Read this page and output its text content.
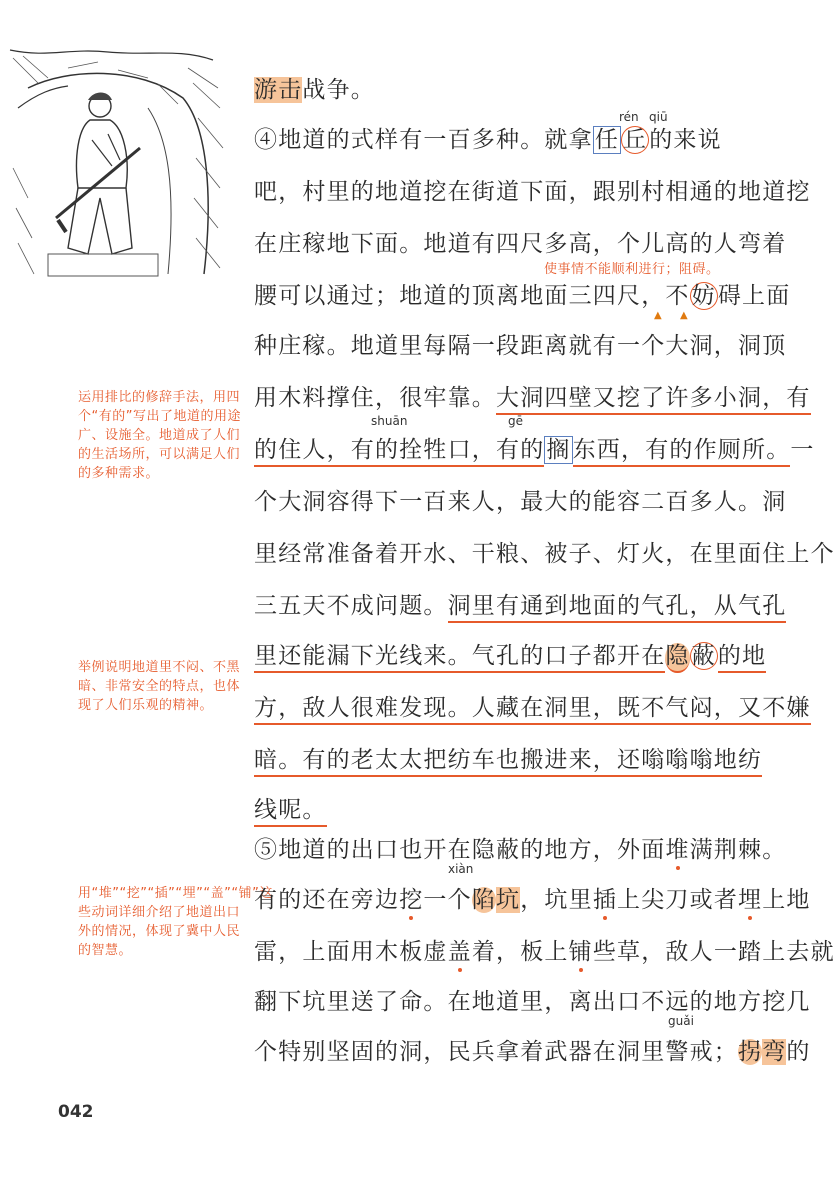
运用排比的修辞手法，用四个“有的”写出了地道的用途广、设施全。地道成了人们的生活场所，可以满足人们的多种需求。
举例说明地道里不闷、不黑暗、非常安全的特点，也体现了人们乐观的精神。
用“堆”“挖”“插”“埋”“盖”“铺”这些动词详细介绍了地道出口外的情况，体现了冀中人民的智慧。
rén qiū
shuān	gē
xiàn
guǎi
使事情不能顺利进行；阻碍。
▲ ▲
游击战争。
④地道的式样有一百多种。就拿任 丘的来说
吧，村里的地道挖在街道下面，跟别村相通的地道挖
在庄稼地下面。地道有四尺多高，个儿高的人弯着
腰可以通过；地道的顶离地面三四尺，不妨碍上面
种庄稼。地道里每隔一段距离就有一个大洞，洞顶
用木料撑住，很牢靠。大洞四壁又挖了许多小洞，有
的住人，有的拴牲口，有的搁东西，有的作厕所。一
个大洞容得下一百来人，最大的能容二百多人。洞
里经常准备着开水、干粮、被子、灯火，在里面住上个
三五天不成问题。洞里有通到地面的气孔，从气孔
里还能漏下光线来。气孔的口子都开在隐蔽的地
方，敌人很难发现。人藏在洞里，既不气闷，又不嫌
暗。有的老太太把纺车也搬进来，还嗡嗡嗡地纺
线呢。
⑤地道的出口也开在隐蔽的地方，外面堆满荆棘。
有的还在旁边挖一个陷坑，坑里插上尖刀或者埋上地
雷，上面用木板虚盖着，板上铺些草，敌人一踏上去就
翻下坑里送了命。在地道里，离出口不远的地方挖几
个特别坚固的洞，民兵拿着武器在洞里警戒；拐弯的
042
